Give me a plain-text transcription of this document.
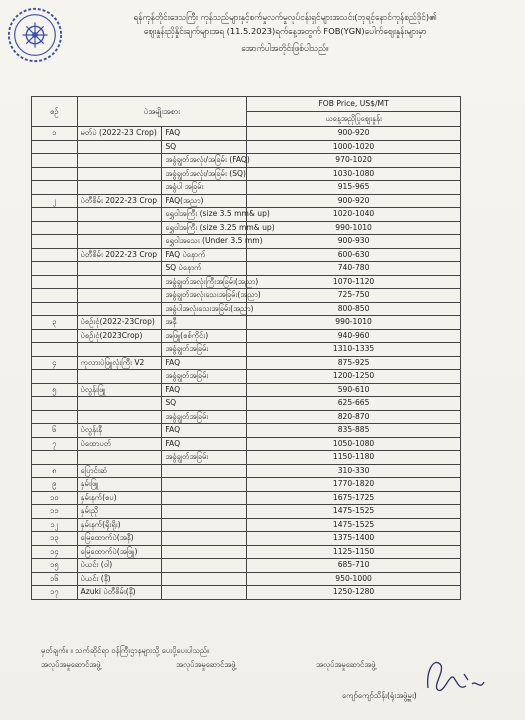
ရန်ကုန်တိုင်းဒေသကြီး ကုန်သည်များနှင့်စက်မှုလက်မှုလုပ်ငန်းရှင်များအသင်း(ဘုရင့်နောင်ကုန်စည်ဒိုင်)၏
ဈေးနှုန်းညှိနှိုင်းချက်များအရ (11.5.2023)ရက်နေ့အတွက် FOB(YGN)ပေါက်ဈေးနှုန်းများမှာ
အောက်ပါအတိုင်းဖြစ်ပါသည်။
စဉ်	ပဲအမျိုးအစား		FOB Price, US$/MT
			ယနေ့အညှိပြုဈေးနှုန်း
၁	မတ်ပဲ (2022-23 Crop)	FAQ	900-920
		SQ	1000-1020
		အခွံချွတ်အလုံး/အခြမ်း (FAQ)	970-1020
		အခွံချွတ်အလုံး/အခြမ်း (SQ)	1030-1080
		အခွံပါ အခြမ်း	915-965
၂	ပဲတီစိမ်း 2022-23 Crop	FAQ(အညာ)	900-920
		ရွှေဝါအကြီး (size 3.5 mm& up)	1020-1040
		ရွှေဝါအကြီး (size 3.25 mm& up)	990-1010
		ရွှေဝါအသေး (Under 3.5 mm)	900-930
	ပဲတီစိမ်း 2022-23 Crop	FAQ ပဲနောက်	600-630
		SQ ပဲနောက်	740-780
		အခွံချွတ်အလုံးကြီးအခြမ်း(အညာ)	1070-1120
		အခွံချွတ်အလုံးသေးအခြမ်း(အညာ)	725-750
		အခွံပါအလုံးသေးအခြမ်း(အညာ)	800-850
၃	ပဲစဉ်းငုံ(2022-23Crop)	အနီ	990-1010
	ပဲစဉ်းငုံ(2023Crop)	အဖြူ(စစ်ကိုင်း)	940-960
		အခွံချွတ်အခြမ်း	1310-1335
၄	ကုလားပဲဖြူလုံးကြီး V2	FAQ	875-925
		အခွံချွတ်အခြမ်း	1200-1250
၅	ပဲလွန်းဖြူ	FAQ	590-610
		SQ	625-665
		အခွံချွတ်အခြမ်း	820-870
၆	ပဲလွန်းနီ	FAQ	835-885
၇	ပဲထောပတ်	FAQ	1050-1080
		အခွံချွတ်အခြမ်း	1150-1180
၈	ပြောင်းဆံ		310-330
၉	နှမ်းဖြူ		1770-1820
၁၀	နှမ်းနက်(စပ)		1675-1725
၁၁	နှမ်းညို		1475-1525
၁၂	နှမ်းနက်(ရိုးရိုး)		1475-1525
၁၃	မြေထောက်ပဲ(အနီ)		1375-1400
၁၄	မြေထောက်ပဲ(အဖြူ)		1125-1150
၁၅	ပဲယင်း (ဝါ)		685-710
၁၆	ပဲယင်း (နီ)		950-1000
၁၇	Azuki ပဲတီစိမ်း(နီ)		1250-1280
မှတ်ချက်။ ။ သက်ဆိုင်ရာ ဝန်ကြီးဌာနများသို့ ပေးပို့ပေးပါသည်။
အလုပ်အမှုဆောင်အဖွဲ့	အလုပ်အမှုဆောင်အဖွဲ့	အလုပ်အမှုဆောင်အဖွဲ့
ကျော်ကျော်သိန်း(ရုံးအဖွဲ့မှူး)
